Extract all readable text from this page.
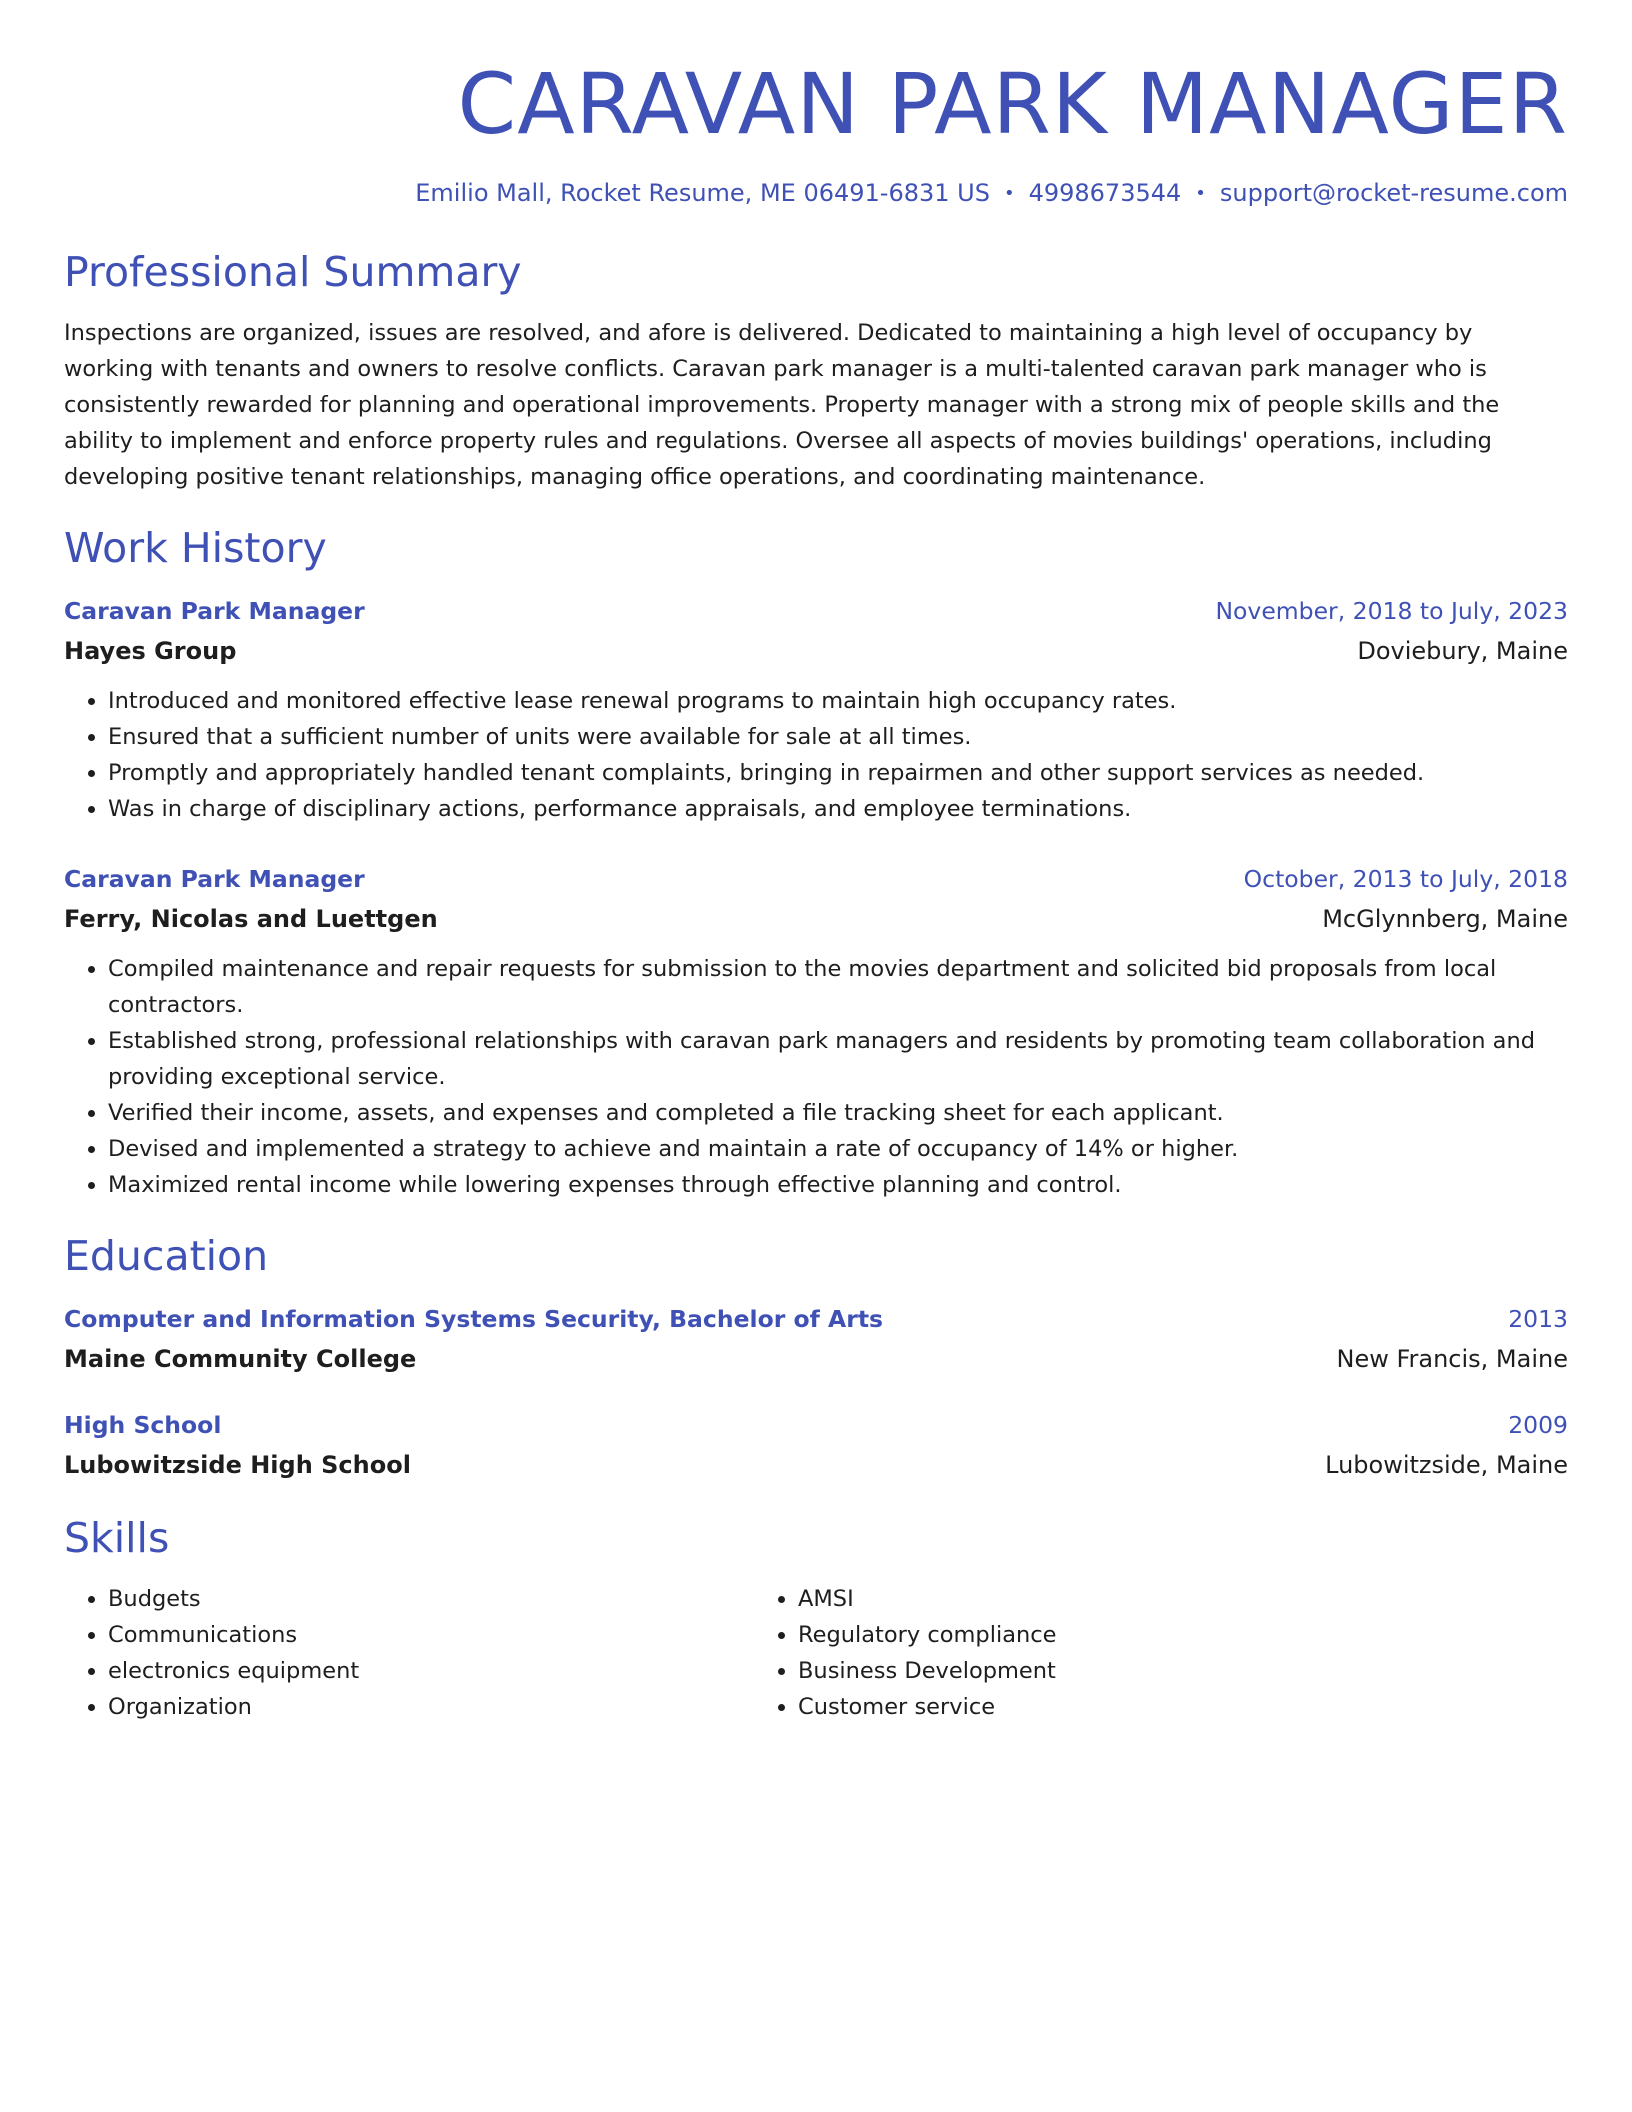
CARAVAN PARK MANAGER
Emilio Mall, Rocket Resume, ME 06491-6831 US • 4998673544 • support@rocket-resume.com
Professional Summary

Inspections are organized, issues are resolved, and afore is delivered. Dedicated to maintaining a high level of occupancy by working with tenants and owners to resolve conflicts. Caravan park manager is a multi-talented caravan park manager who is consistently rewarded for planning and operational improvements. Property manager with a strong mix of people skills and the ability to implement and enforce property rules and regulations. Oversee all aspects of movies buildings' operations, including developing positive tenant relationships, managing office operations, and coordinating maintenance.

Work History
Caravan Park Manager	November, 2018 to July, 2023
Hayes Group	Doviebury, Maine
• Introduced and monitored effective lease renewal programs to maintain high occupancy rates.
• Ensured that a sufficient number of units were available for sale at all times.
• Promptly and appropriately handled tenant complaints, bringing in repairmen and other support services as needed.
• Was in charge of disciplinary actions, performance appraisals, and employee terminations.
Caravan Park Manager	October, 2013 to July, 2018
Ferry, Nicolas and Luettgen	McGlynnberg, Maine
• Compiled maintenance and repair requests for submission to the movies department and solicited bid proposals from local contractors.
• Established strong, professional relationships with caravan park managers and residents by promoting team collaboration and providing exceptional service.
• Verified their income, assets, and expenses and completed a file tracking sheet for each applicant.
• Devised and implemented a strategy to achieve and maintain a rate of occupancy of 14% or higher.
• Maximized rental income while lowering expenses through effective planning and control.
Education
Computer and Information Systems Security, Bachelor of Arts	2013
Maine Community College	New Francis, Maine
High School	2009
Lubowitzside High School	Lubowitzside, Maine
Skills
• Budgets
• Communications
• electronics equipment
• Organization
• AMSI
• Regulatory compliance
• Business Development
• Customer service
